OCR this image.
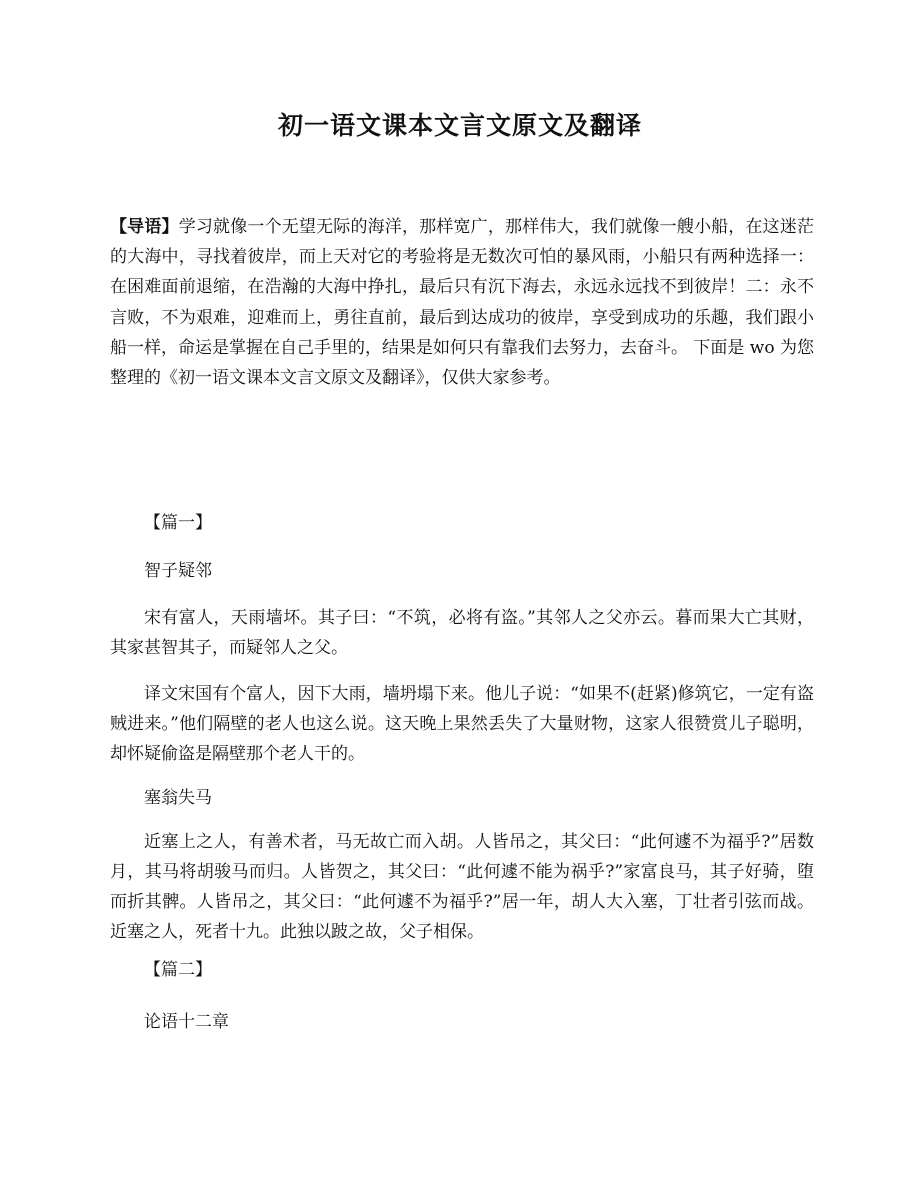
初一语文课本文言文原文及翻译
【导语】学习就像一个无望无际的海洋，那样宽广，那样伟大，我们就像一艘小船，在这迷茫的大海中，寻找着彼岸，而上天对它的考验将是无数次可怕的暴风雨，小船只有两种选择一：在困难面前退缩，在浩瀚的大海中挣扎，最后只有沉下海去，永远永远找不到彼岸！二：永不言败，不为艰难，迎难而上，勇往直前，最后到达成功的彼岸，享受到成功的乐趣，我们跟小船一样，命运是掌握在自己手里的，结果是如何只有靠我们去努力，去奋斗。 下面是 wo 为您整理的《初一语文课本文言文原文及翻译》，仅供大家参考。

【篇一】

智子疑邻

宋有富人，天雨墙坏。其子曰：“不筑，必将有盗。”其邻人之父亦云。暮而果大亡其财，其家甚智其子，而疑邻人之父。

译文宋国有个富人，因下大雨，墙坍塌下来。他儿子说：“如果不(赶紧)修筑它，一定有盗贼进来。”他们隔壁的老人也这么说。这天晚上果然丢失了大量财物，这家人很赞赏儿子聪明，却怀疑偷盗是隔壁那个老人干的。

塞翁失马

近塞上之人，有善术者，马无故亡而入胡。人皆吊之，其父曰：“此何遽不为福乎?”居数月，其马将胡骏马而归。人皆贺之，其父曰：“此何遽不能为祸乎?”家富良马，其子好骑，堕而折其髀。人皆吊之，其父曰：“此何遽不为福乎?”居一年，胡人大入塞，丁壮者引弦而战。近塞之人，死者十九。此独以跛之故，父子相保。

【篇二】

论语十二章
